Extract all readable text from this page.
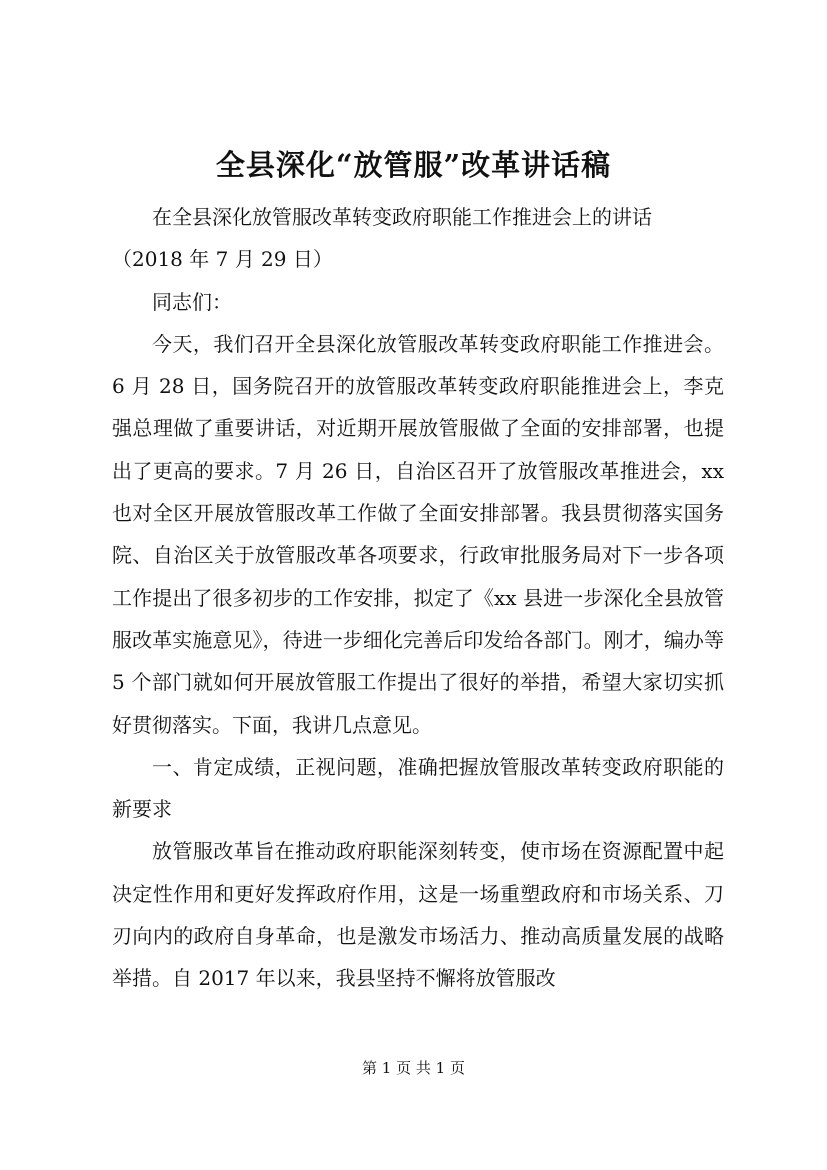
全县深化“放管服”改革讲话稿

在全县深化放管服改革转变政府职能工作推进会上的讲话

（2018 年 7 月 29 日）

同志们：

今天，我们召开全县深化放管服改革转变政府职能工作推进会。6 月 28 日，国务院召开的放管服改革转变政府职能推进会上，李克强总理做了重要讲话，对近期开展放管服做了全面的安排部署，也提出了更高的要求。7 月 26 日，自治区召开了放管服改革推进会，xx 也对全区开展放管服改革工作做了全面安排部署。我县贯彻落实国务院、自治区关于放管服改革各项要求，行政审批服务局对下一步各项工作提出了很多初步的工作安排，拟定了《xx 县进一步深化全县放管服改革实施意见》，待进一步细化完善后印发给各部门。刚才，编办等 5 个部门就如何开展放管服工作提出了很好的举措，希望大家切实抓好贯彻落实。下面，我讲几点意见。

一、肯定成绩，正视问题，准确把握放管服改革转变政府职能的新要求

放管服改革旨在推动政府职能深刻转变，使市场在资源配置中起决定性作用和更好发挥政府作用，这是一场重塑政府和市场关系、刀刃向内的政府自身革命，也是激发市场活力、推动高质量发展的战略举措。自 2017 年以来，我县坚持不懈将放管服改

第 1 页 共 1 页
